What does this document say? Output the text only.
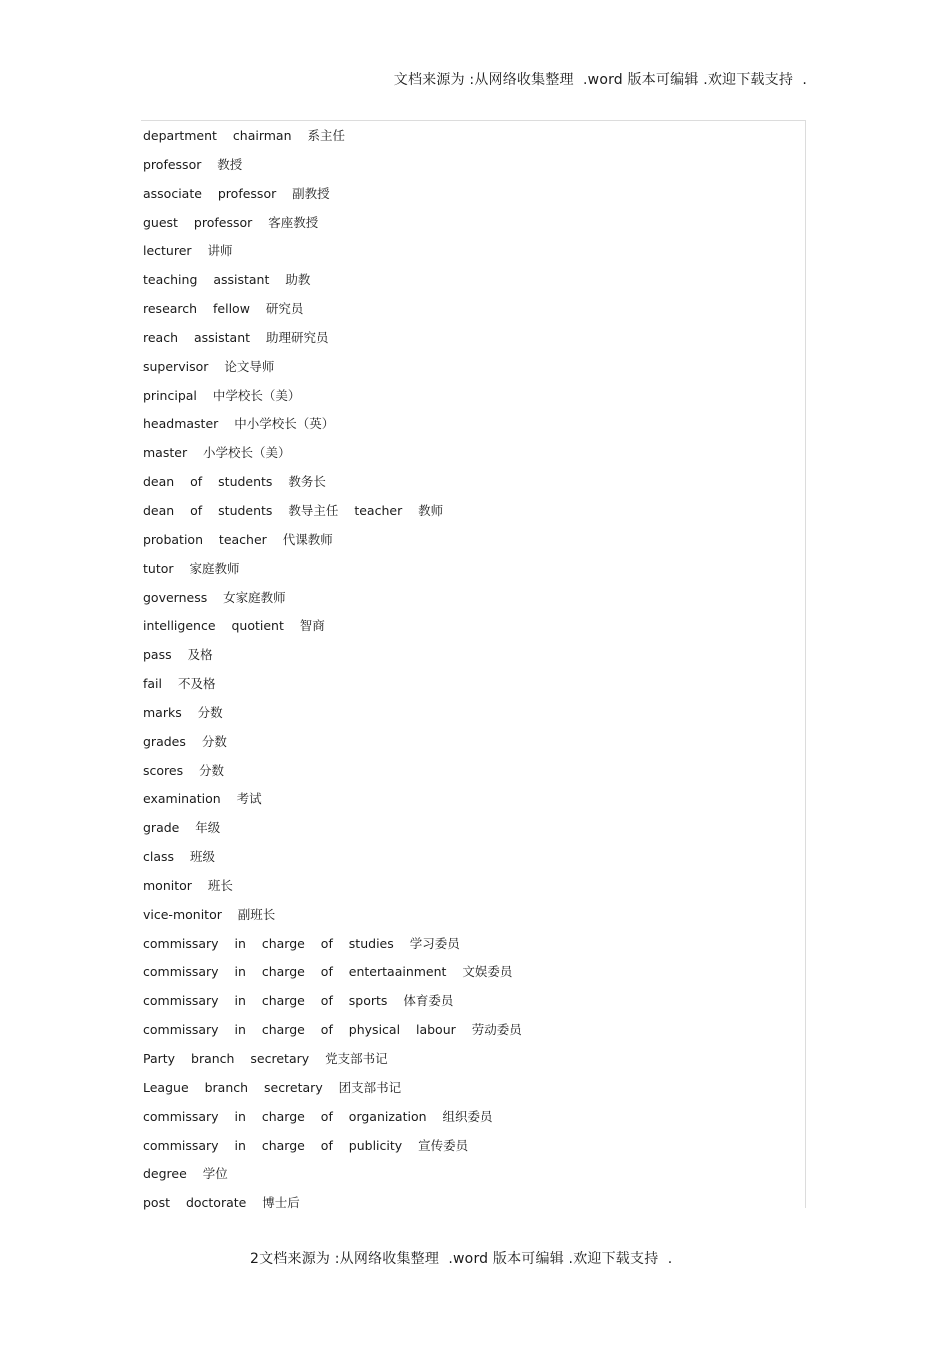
文档来源为 :从网络收集整理  .word 版本可编辑 .欢迎下载支持  .
department  chairman  系主任
professor  教授
associate  professor  副教授
guest  professor  客座教授
lecturer  讲师
teaching  assistant  助教
research  fellow  研究员
reach  assistant  助理研究员
supervisor  论文导师
principal  中学校长（美）
headmaster  中小学校长（英）
master  小学校长（美）
dean  of  students  教务长
dean  of  students  教导主任  teacher  教师
probation  teacher  代课教师
tutor  家庭教师
governess  女家庭教师
intelligence  quotient  智商
pass  及格
fail  不及格
marks  分数
grades  分数
scores  分数
examination  考试
grade  年级
class  班级
monitor  班长
vice-monitor  副班长
commissary  in  charge  of  studies  学习委员
commissary  in  charge  of  entertaainment  文娱委员
commissary  in  charge  of  sports  体育委员
commissary  in  charge  of  physical  labour  劳动委员
Party  branch  secretary  党支部书记
League  branch  secretary  团支部书记
commissary  in  charge  of  organization  组织委员
commissary  in  charge  of  publicity  宣传委员
degree  学位
post  doctorate  博士后
2文档来源为 :从网络收集整理  .word 版本可编辑 .欢迎下载支持  .
